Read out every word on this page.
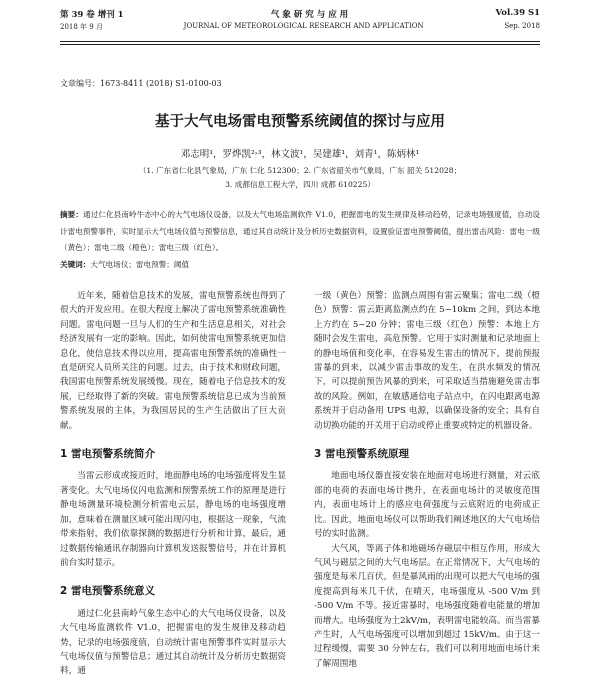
第 39 卷 增刊 1	气 象 研 究 与 应 用	Vol.39 S1
2018 年 9 月	JOURNAL OF METEOROLOGICAL RESEARCH AND APPLICATION	Sep. 2018
文章编号：1673-8411 (2018) S1-0100-03
基于大气电场雷电预警系统阈值的探讨与应用
邓志明¹，罗烨凯²˒³，林文波¹，吴建雄¹，刘青¹，陈炳林¹
（1. 广东省仁化县气象局，广东 仁化 512300；2. 广东省韶关市气象局，广东 韶关 512028；
3. 成都信息工程大学，四川 成都 610225）
摘要：通过仁化县南岭牛态中心的大气电场仪设备，以及大气电场监测软件 V1.0，把握雷电的发生规律及移动趋势，记录电场强度值，自动设计雷电预警事件，实时显示大气电场仪值与预警信息，通过其自动统计及分析历史数据资料，设置验证雷电预警阈值，提出雷击风险：雷电一级（黄色）；雷电二级（橙色）；雷电三级（红色）。
关键词：大气电场仪；雷电预警；阈值

近年来，随着信息技术的发展，雷电预警系统也得到了很大的开发应用。在很大程度上解决了雷电预警系统准确性问题。雷电问题一旦与人们的生产和生活息息相关，对社会经济发展有一定的影响。因此，如何使雷电预警系统更加信息化，使信息技术得以应用，提高雷电预警系统的准确性一直是研究人员所关注的问题。过去，由于技术和财政问题，我国雷电预警系统发展缓慢。现在，随着电子信息技术的发展，已经取得了新的突破。雷电预警系统信息已成为当前预警系统发展的主体，为我国居民的生产生活做出了巨大贡献。

1 雷电预警系统简介

当雷云形成或接近时，地面静电场的电场强度将发生显著变化。大气电场仪闪电监测和预警系统工作的原理是进行静电场测量环境检测分析雷电云层，静电场的电场强度增加，意味着在测量区域可能出现闪电，根据这一现象，气流带来指射，我们依靠探测的数据进行分析和计算，最后，通过数据传输通讯存制器向计算机发送报警信号，并在计算机前台实时显示。

2 雷电预警系统意义

通过仁化县南岭气象生态中心的大气电场仪设备，以及大气电场监测软件 V1.0，把握雷电的发生规律及移动趋势，记录的电场强度值，自动统计雷电预警事件实时显示大气电场仪值与预警信息；通过其自动统计及分析历史数据资料，通

一级（黄色）预警：监测点周围有雷云聚集；雷电二级（橙色）预警：雷云距离监测点约在 5~10km 之间，到达本地上方约在 5~20 分钟；雷电三级（红色）预警：本地上方随时会发生雷电，高危预警。它用于实时测量和记录地面上的静电场值和变化率，在容易发生雷击的情况下，提前预报雷暴的到来，以减少雷击事故的发生，在洪水频发的情况下，可以提前预告风暴的到来，可采取适当措施避免雷击事故的风险。例如，在敏感通信电子站点中，在闪电跟离电源系统并于启动备用 UPS 电源，以确保设备的安全；具有自动切换功能的开关用于启动或停止重要或特定的机器设备。

3 雷电预警系统原理

地面电场仪器直接安装在地面对电场进行测量，对云底部的电荷的表面电场计携升，在表面电场计的灵敏度范围内，表面电场计上的感应电荷强度与云底附近的电荷成正比。因此，地面电场仪可以帮助我们阐述地区的大气电场信号的实时监测。

大气风，等离子体和地磁场存磁层中相互作用，形成大气风与磁层之间的大气电场层。在正常情况下，大气电场的强度是每米几百伏，但是暴风雨的出现可以把大气电场的强度提高到每米几千伏，在晴天，电场强度从 -500 V/m 到 -500 V/m 不等。接近雷暴时，电场强度随着电能量的增加而增大。电场强度为土2kV/m，表明雷电能较高。而当雷暴产生时，人气电场强度可以增加到超过 15kV/m。由于这一过程缓慢，需要 30 分钟左右，我们可以利用地面电场计来了解周围地
